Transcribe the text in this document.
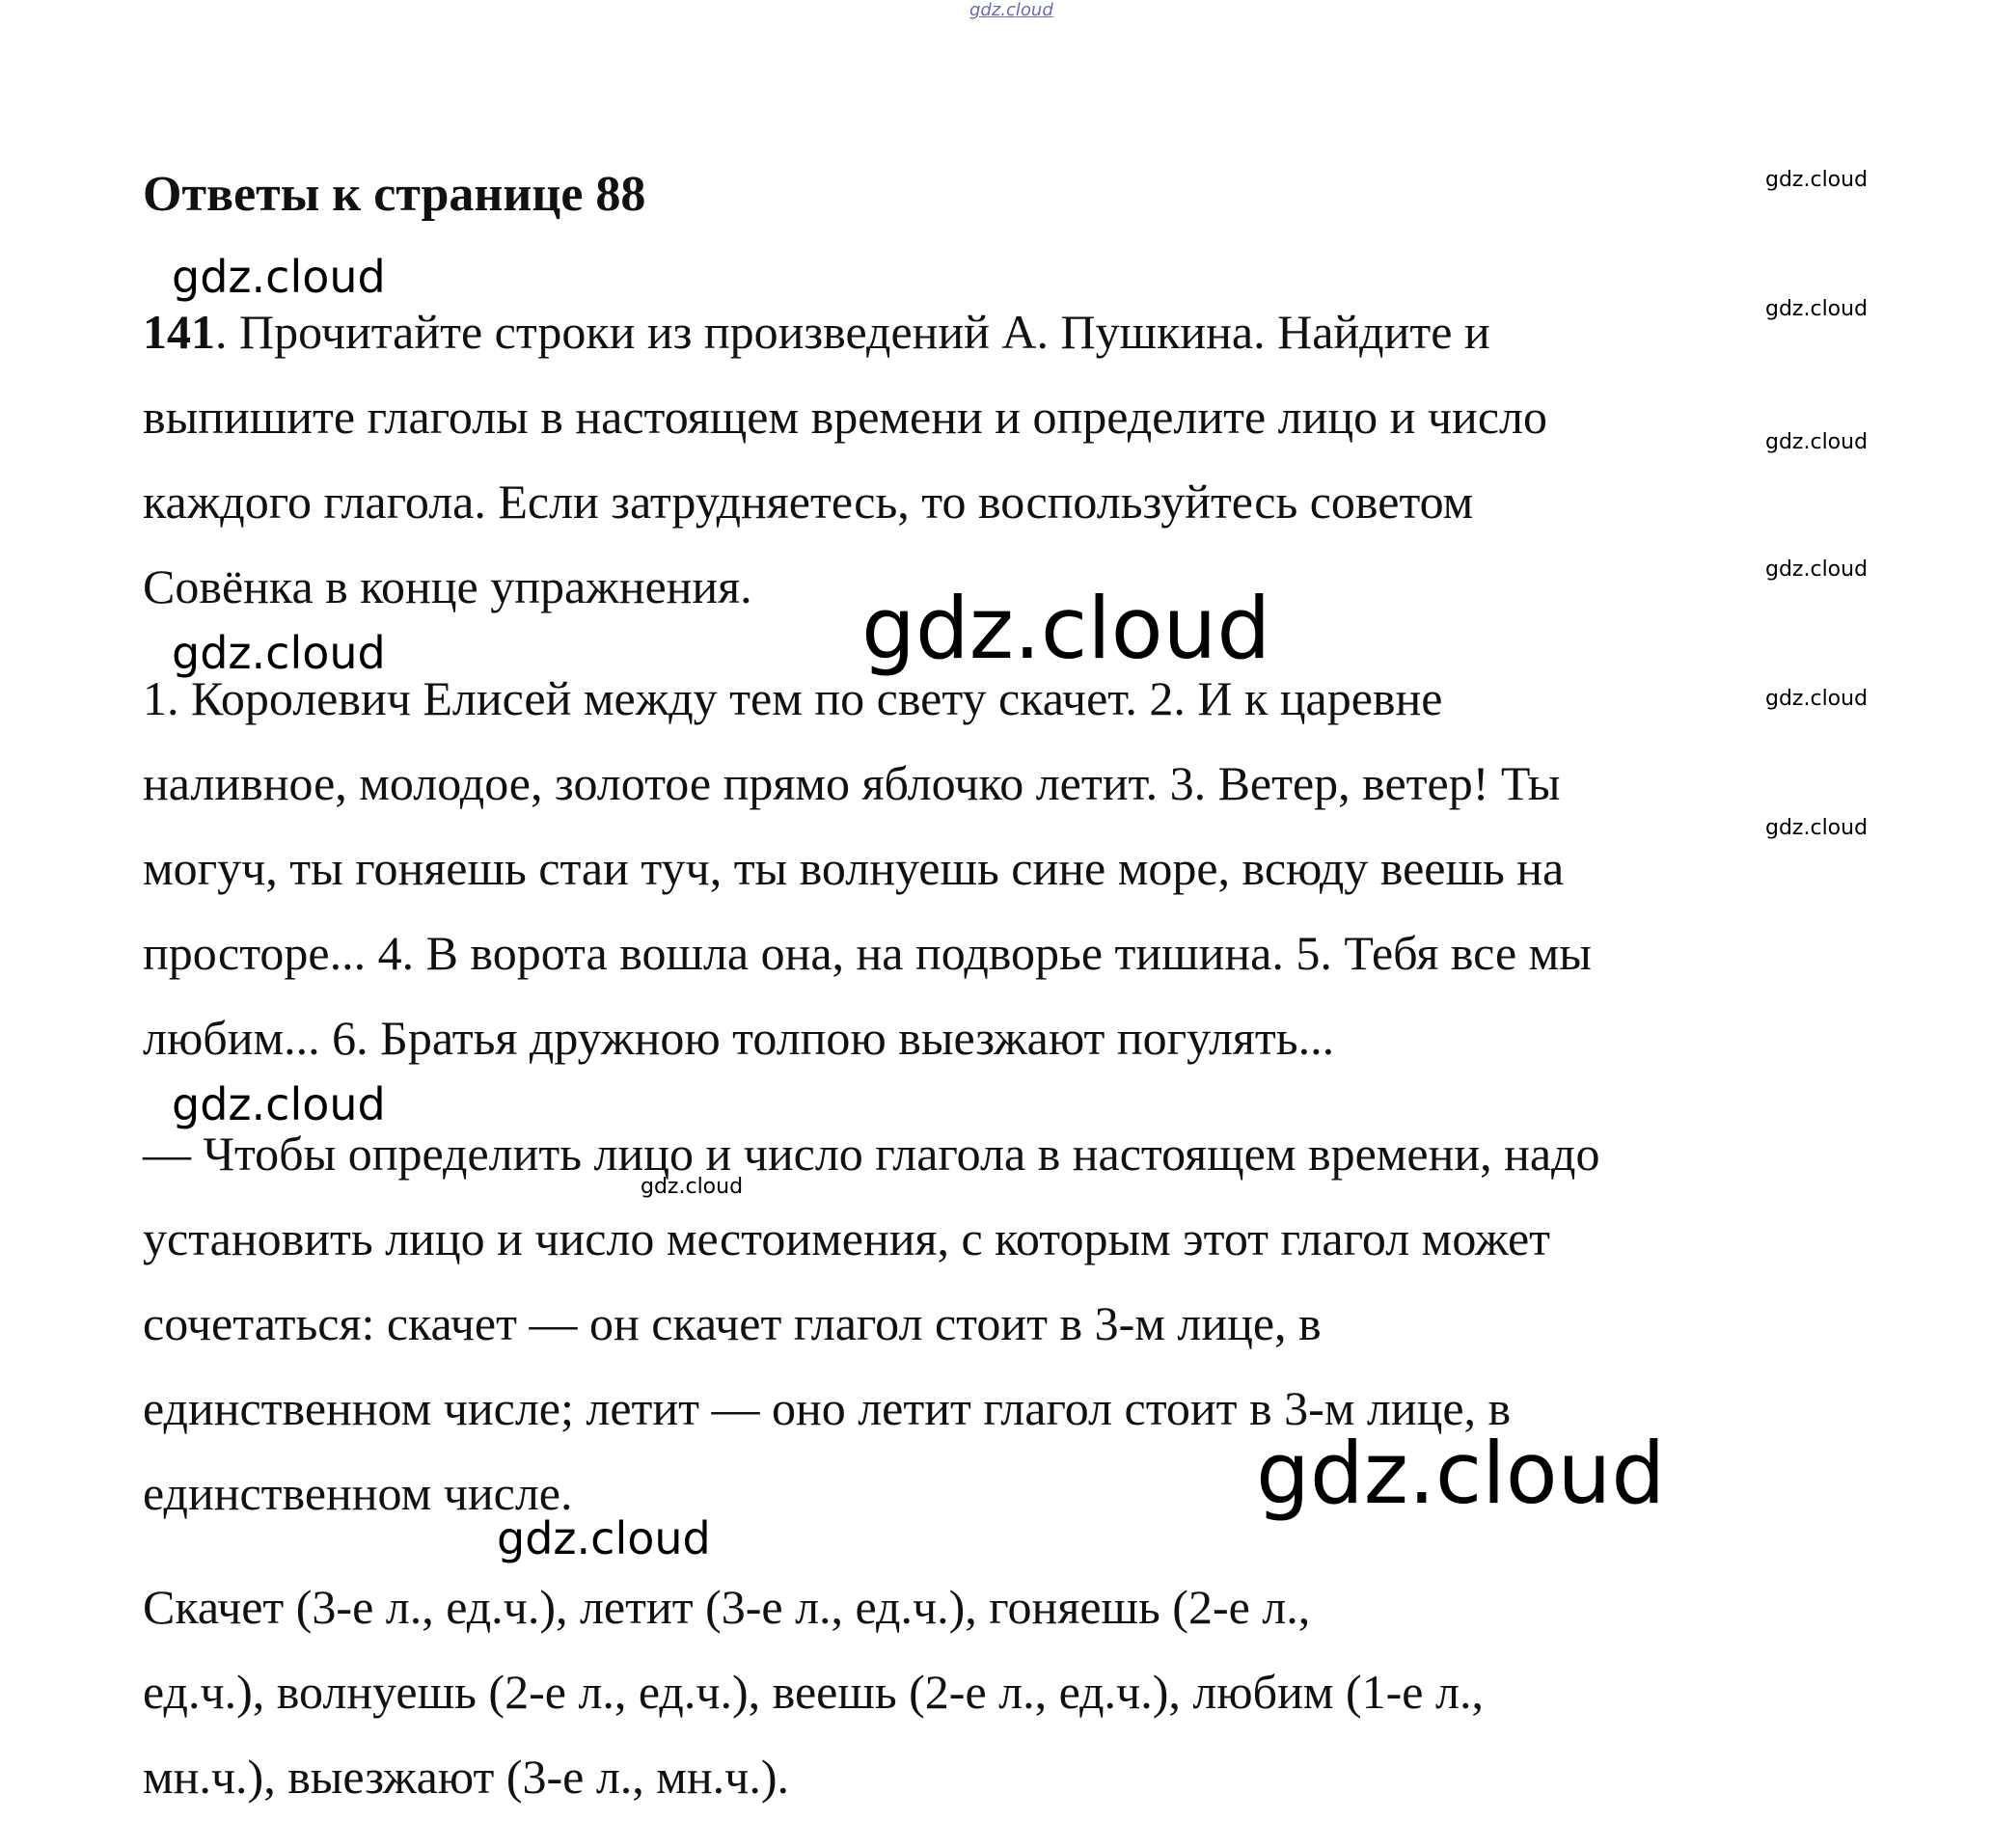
gdz.cloud
Ответы к странице 88
141. Прочитайте строки из произведений А. Пушкина. Найдите и
выпишите глаголы в настоящем времени и определите лицо и число
каждого глагола. Если затрудняетесь, то воспользуйтесь советом
Совёнка в конце упражнения.
1. Королевич Елисей между тем по свету скачет. 2. И к царевне
наливное, молодое, золотое прямо яблочко летит. 3. Ветер, ветер! Ты
могуч, ты гоняешь стаи туч, ты волнуешь сине море, всюду веешь на
просторе... 4. В ворота вошла она, на подворье тишина. 5. Тебя все мы
любим... 6. Братья дружною толпою выезжают погулять...
— Чтобы определить лицо и число глагола в настоящем времени, надо
установить лицо и число местоимения, с которым этот глагол может
сочетаться: скачет — он скачет глагол стоит в 3-м лице, в
единственном числе; летит — оно летит глагол стоит в 3-м лице, в
единственном числе.
Скачет (3-е л., ед.ч.), летит (3-е л., ед.ч.), гоняешь (2-е л.,
ед.ч.), волнуешь (2-е л., ед.ч.), веешь (2-е л., ед.ч.), любим (1-е л.,
мн.ч.), выезжают (3-е л., мн.ч.).
gdz.cloud
gdz.cloud
gdz.cloud
gdz.cloud
gdz.cloud
gdz.cloud
gdz.cloud
gdz.cloud
gdz.cloud
gdz.cloud
gdz.cloud
gdz.cloud
gdz.cloud
